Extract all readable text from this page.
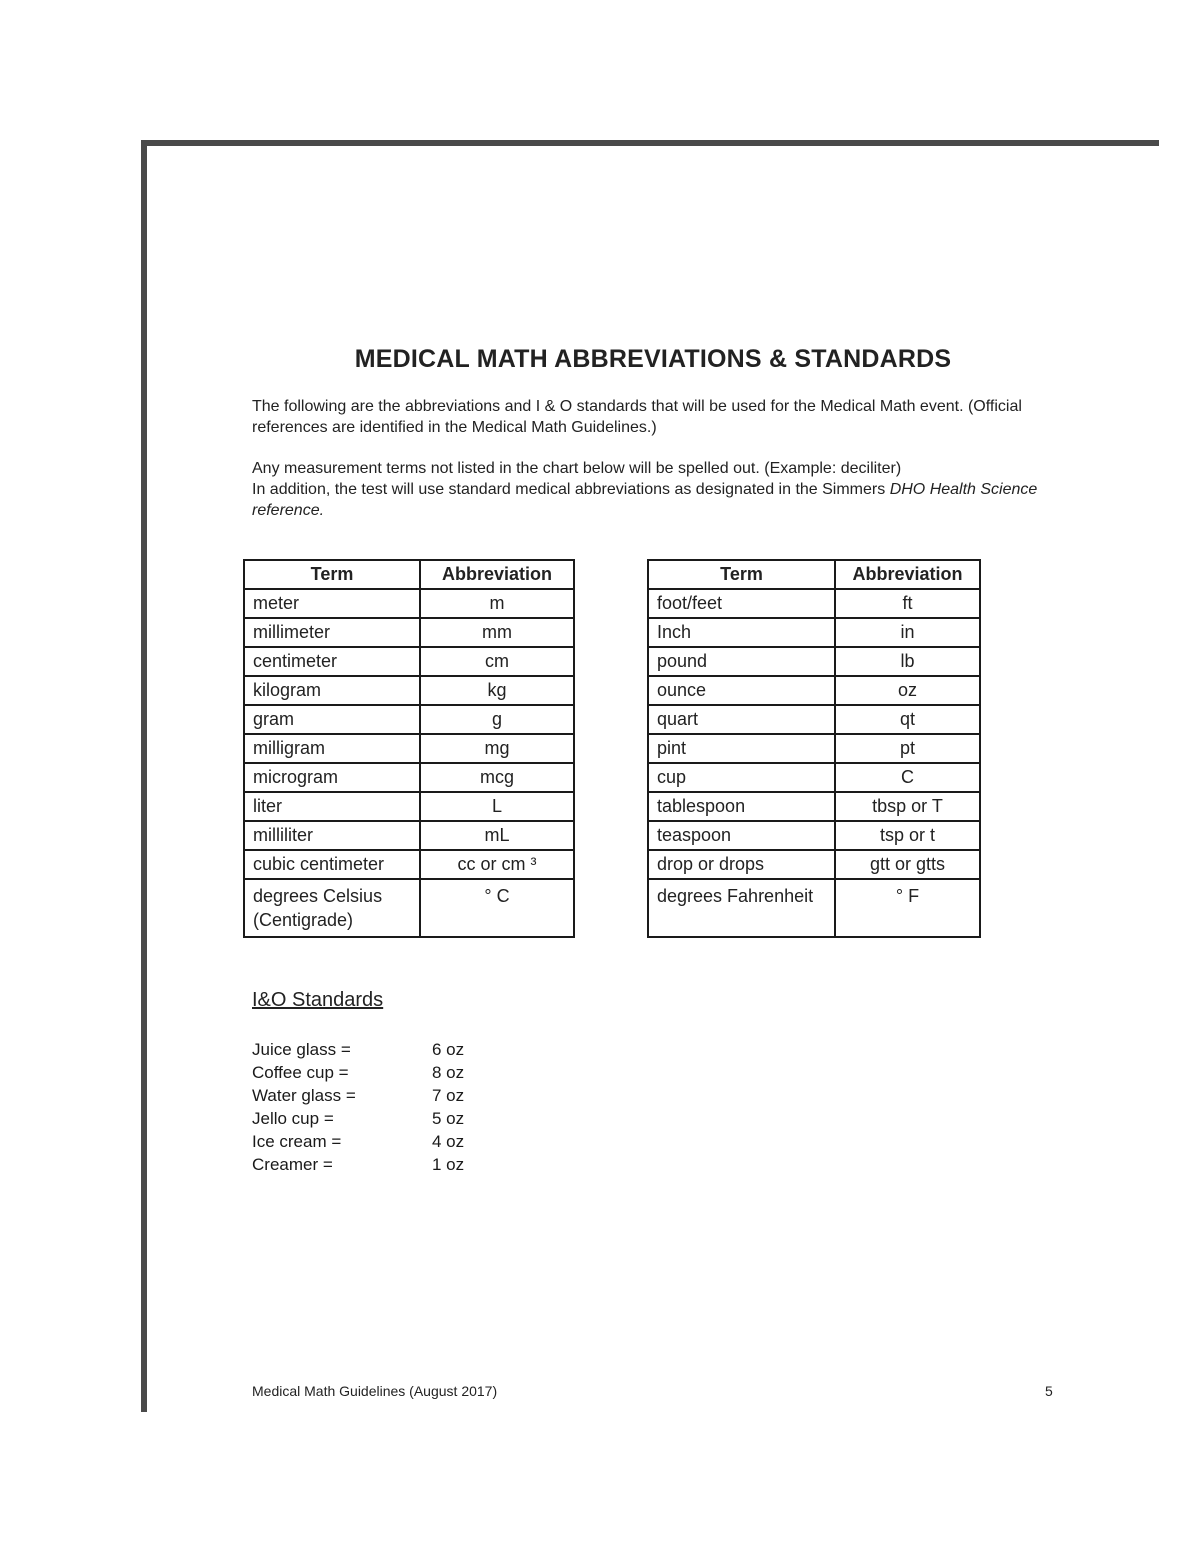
MEDICAL MATH ABBREVIATIONS & STANDARDS
The following are the abbreviations and I & O standards that will be used for the Medical Math event. (Official references are identified in the Medical Math Guidelines.)
Any measurement terms not listed in the chart below will be spelled out. (Example: deciliter)
In addition, the test will use standard medical abbreviations as designated in the Simmers DHO Health Science reference.
Term	Abbreviation
meter	m
millimeter	mm
centimeter	cm
kilogram	kg
gram	g
milligram	mg
microgram	mcg
liter	L
milliliter	mL
cubic centimeter	cc or cm ³
degrees Celsius (Centigrade)	° C
Term	Abbreviation
foot/feet	ft
Inch	in
pound	lb
ounce	oz
quart	qt
pint	pt
cup	C
tablespoon	tbsp or T
teaspoon	tsp or t
drop or drops	gtt or gtts
degrees Fahrenheit	° F
I&O Standards
Juice glass =	6 oz
Coffee cup =	8 oz
Water glass =	7 oz
Jello cup =	5 oz
Ice cream =	4 oz
Creamer =	1 oz
Medical Math Guidelines (August 2017)	5
